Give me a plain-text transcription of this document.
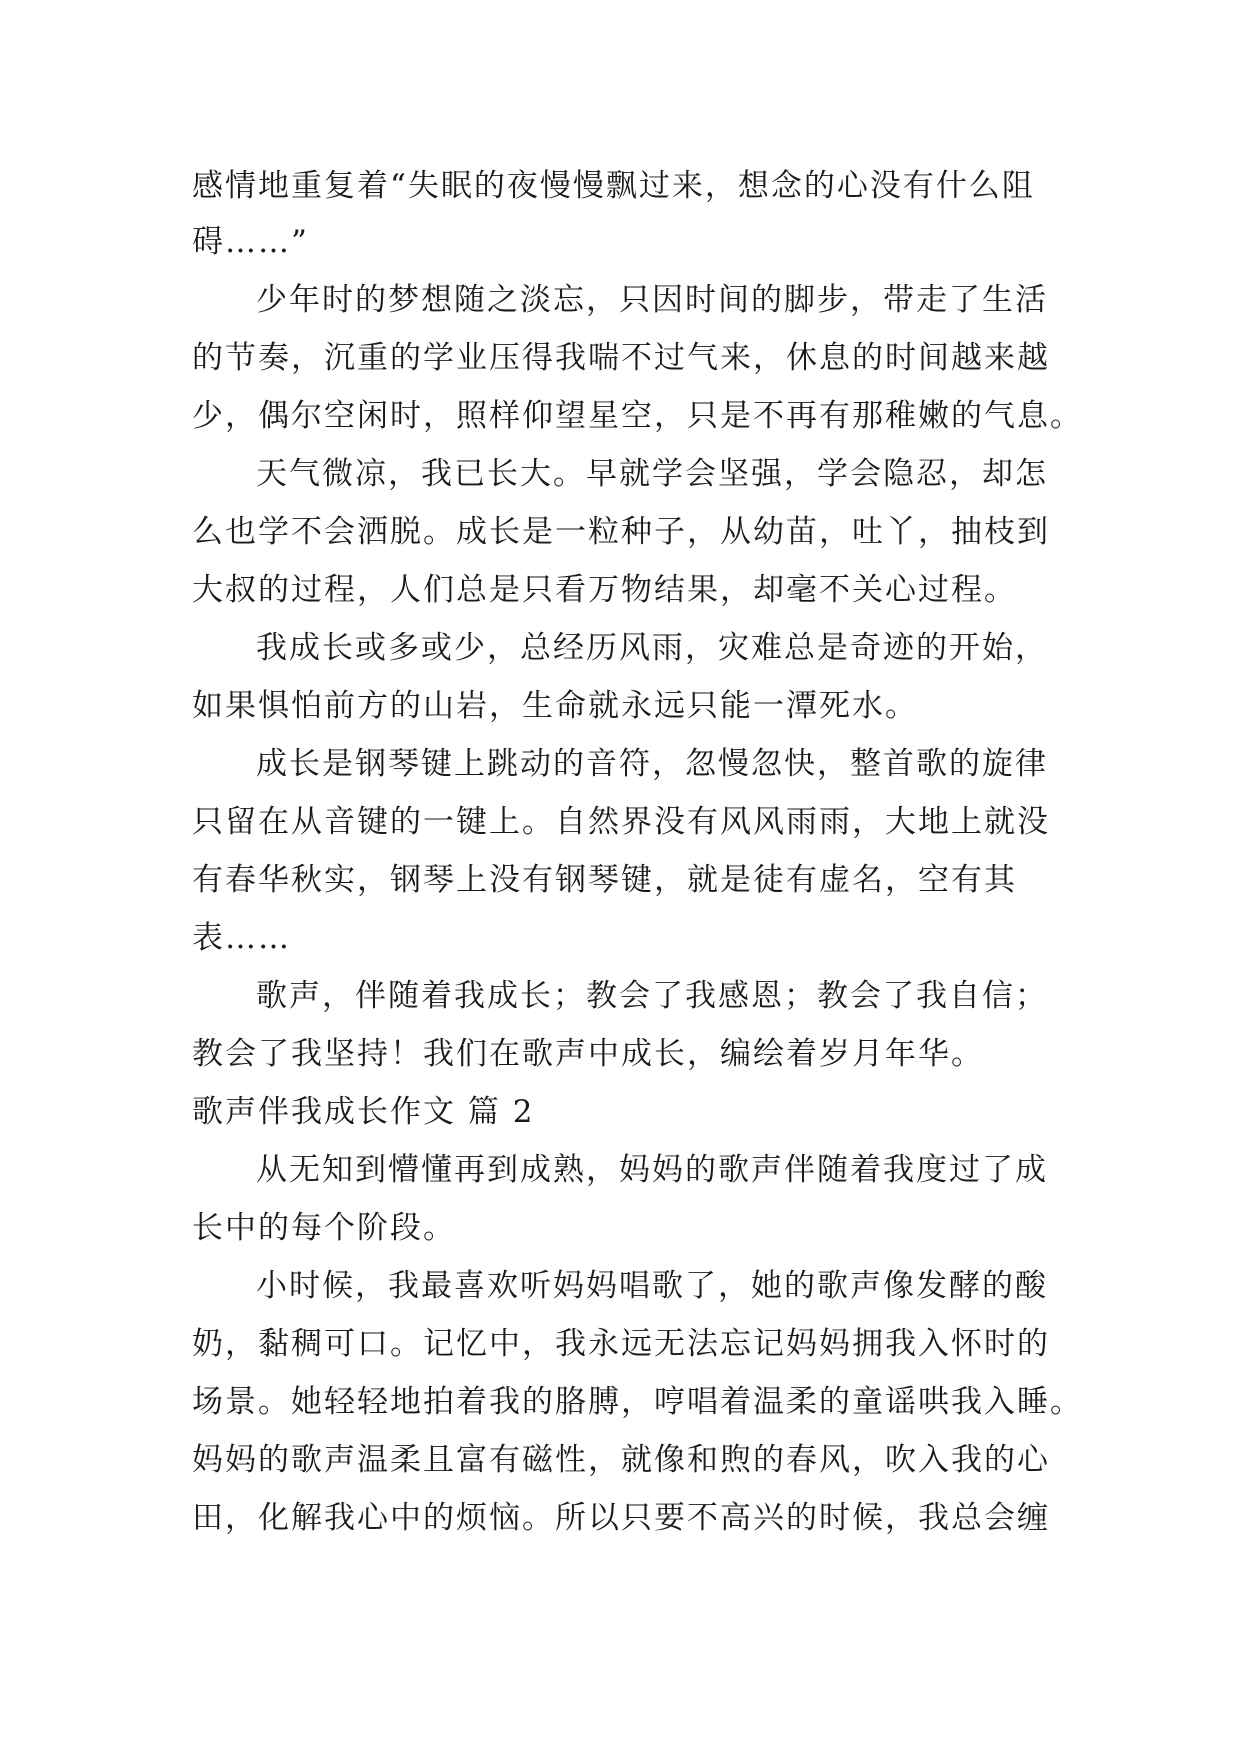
感情地重复着“失眠的夜慢慢飘过来，想念的心没有什么阻
碍……”
少年时的梦想随之淡忘，只因时间的脚步，带走了生活
的节奏，沉重的学业压得我喘不过气来，休息的时间越来越
少，偶尔空闲时，照样仰望星空，只是不再有那稚嫩的气息。
天气微凉，我已长大。早就学会坚强，学会隐忍，却怎
么也学不会洒脱。成长是一粒种子，从幼苗，吐丫，抽枝到
大叔的过程，人们总是只看万物结果，却毫不关心过程。
我成长或多或少，总经历风雨，灾难总是奇迹的开始，
如果惧怕前方的山岩，生命就永远只能一潭死水。
成长是钢琴键上跳动的音符，忽慢忽快，整首歌的旋律
只留在从音键的一键上。自然界没有风风雨雨，大地上就没
有春华秋实，钢琴上没有钢琴键，就是徒有虚名，空有其
表……
歌声，伴随着我成长；教会了我感恩；教会了我自信；
教会了我坚持！我们在歌声中成长，编绘着岁月年华。
歌声伴我成长作文 篇 2
从无知到懵懂再到成熟，妈妈的歌声伴随着我度过了成
长中的每个阶段。
小时候，我最喜欢听妈妈唱歌了，她的歌声像发酵的酸
奶，黏稠可口。记忆中，我永远无法忘记妈妈拥我入怀时的
场景。她轻轻地拍着我的胳膊，哼唱着温柔的童谣哄我入睡。
妈妈的歌声温柔且富有磁性，就像和煦的春风，吹入我的心
田，化解我心中的烦恼。所以只要不高兴的时候，我总会缠
